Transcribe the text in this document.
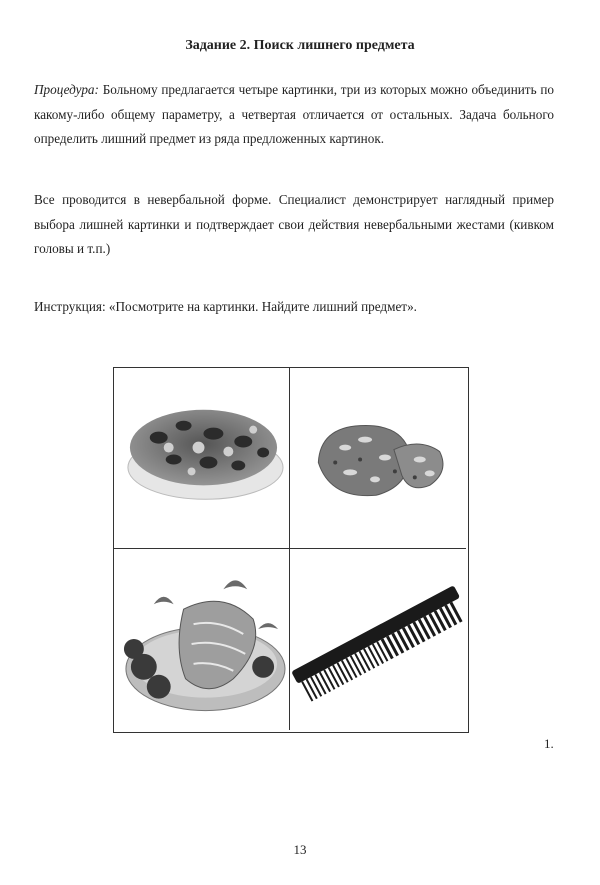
Задание 2. Поиск лишнего предмета

Процедура: Больному предлагается четыре картинки, три из которых можно объединить по какому-либо общему параметру, а четвертая отличается от остальных. Задача больного определить лишний предмет из ряда предложенных картинок.

Все проводится в невербальной форме. Специалист демонстрирует наглядный пример выбора лишней картинки и подтверждает свои действия невербальными жестами (кивком головы и т.п.)

Инструкция: «Посмотрите на картинки. Найдите лишний предмет».

1.
13
